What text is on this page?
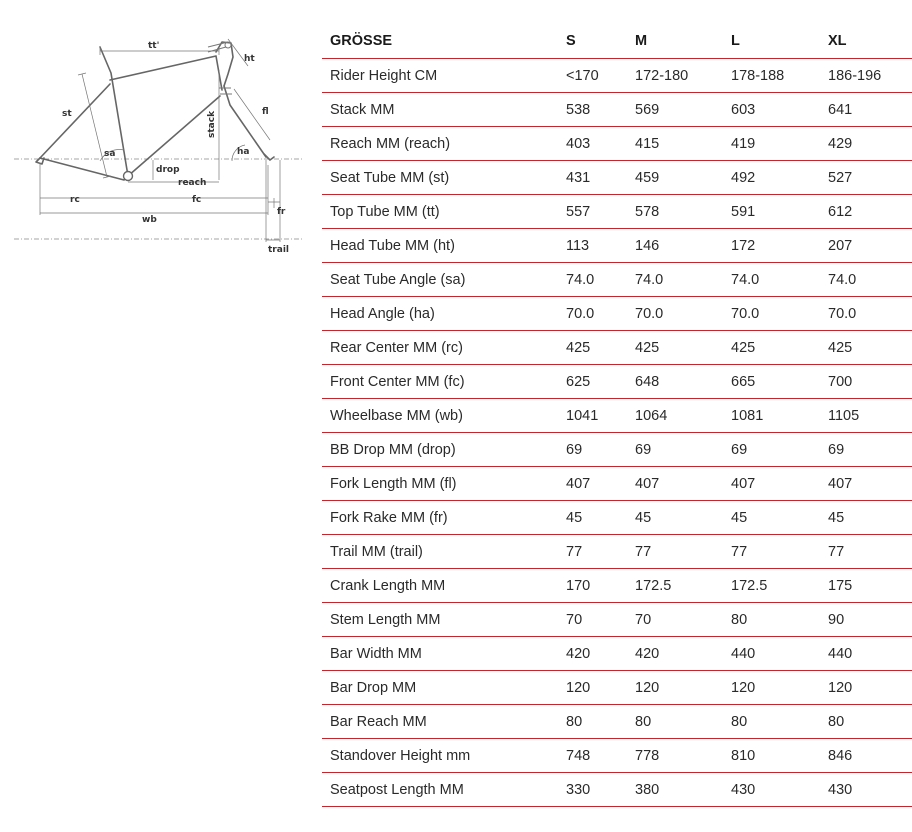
tt'
ht
st	fl
stack
sa	ha
drop
reach
rc	fc
wb
fr
trail
GRÖSSE	S	M	L	XL
Rider Height CM	<170	172-180	178-188	186-196
Stack MM	538	569	603	641
Reach MM (reach)	403	415	419	429
Seat Tube MM (st)	431	459	492	527
Top Tube MM (tt)	557	578	591	612
Head Tube MM (ht)	113	146	172	207
Seat Tube Angle (sa)	74.0	74.0	74.0	74.0
Head Angle (ha)	70.0	70.0	70.0	70.0
Rear Center MM (rc)	425	425	425	425
Front Center MM (fc)	625	648	665	700
Wheelbase MM (wb)	1041	1064	1081	1105
BB Drop MM (drop)	69	69	69	69
Fork Length MM (fl)	407	407	407	407
Fork Rake MM (fr)	45	45	45	45
Trail MM (trail)	77	77	77	77
Crank Length MM	170	172.5	172.5	175
Stem Length MM	70	70	80	90
Bar Width MM	420	420	440	440
Bar Drop MM	120	120	120	120
Bar Reach MM	80	80	80	80
Standover Height mm	748	778	810	846
Seatpost Length MM	330	380	430	430
